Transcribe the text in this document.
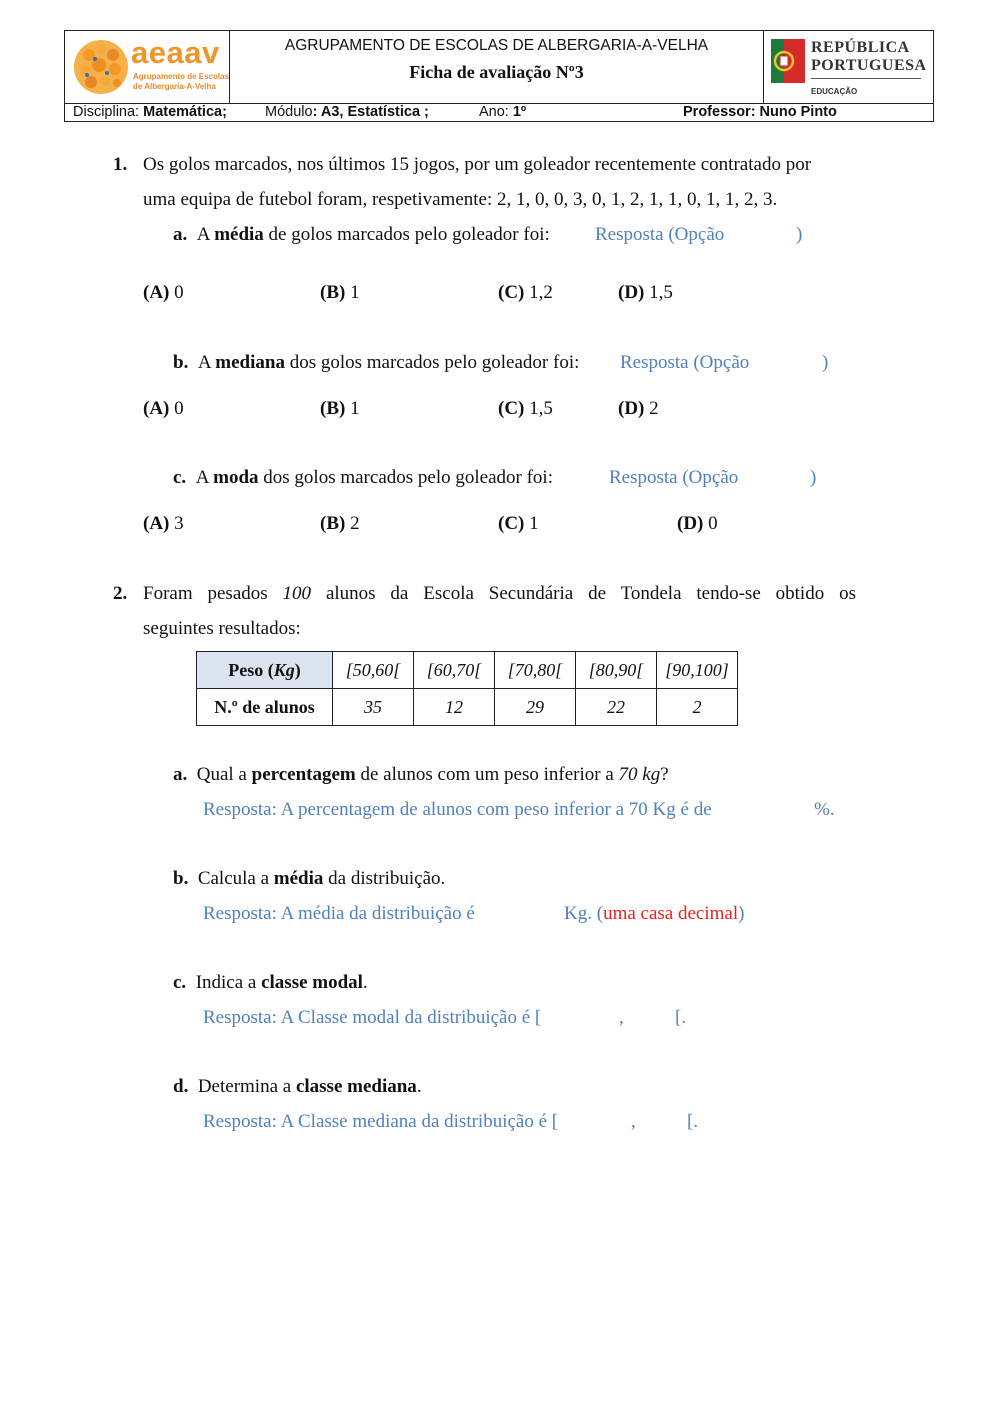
aeaav
Agrupamento de Escolas
de Albergaria-A-Velha
AGRUPAMENTO DE ESCOLAS DE ALBERGARIA-A-VELHA
Ficha de avaliação Nº3
REPÚBLICA
PORTUGUESA
EDUCAÇÃO
Disciplina: Matemática;	Módulo: A3, Estatística ;	Ano: 1º	Professor: Nuno Pinto
1. Os golos marcados, nos últimos 15 jogos, por um goleador recentemente contratado por
uma equipa de futebol foram, respetivamente: 2, 1, 0, 0, 3, 0, 1, 2, 1, 1, 0, 1, 1, 2, 3.
a. A média de golos marcados pelo goleador foi: Resposta (Opção	)
(A) 0	(B) 1	(C) 1,2	(D) 1,5
b. A mediana dos golos marcados pelo goleador foi: Resposta (Opção	)
(A) 0	(B) 1	(C) 1,5	(D) 2
c. A moda dos golos marcados pelo goleador foi:	Resposta (Opção	)
(A) 3	(B) 2	(C) 1	(D) 0
2. Foram pesados 100 alunos da Escola Secundária de Tondela tendo-se obtido os
seguintes resultados:
Peso (Kg)	[50,60[	[60,70[	[70,80[	[80,90[	[90,100]
N.º de alunos	35	12	29	22	2
a. Qual a percentagem de alunos com um peso inferior a 70 kg?
Resposta: A percentagem de alunos com peso inferior a 70 Kg é de	%.
b. Calcula a média da distribuição.
Resposta: A média da distribuição é	Kg. (uma casa decimal)
c. Indica a classe modal.
Resposta: A Classe modal da distribuição é [	,	[.
d. Determina a classe mediana.
Resposta: A Classe mediana da distribuição é [	,	[.
